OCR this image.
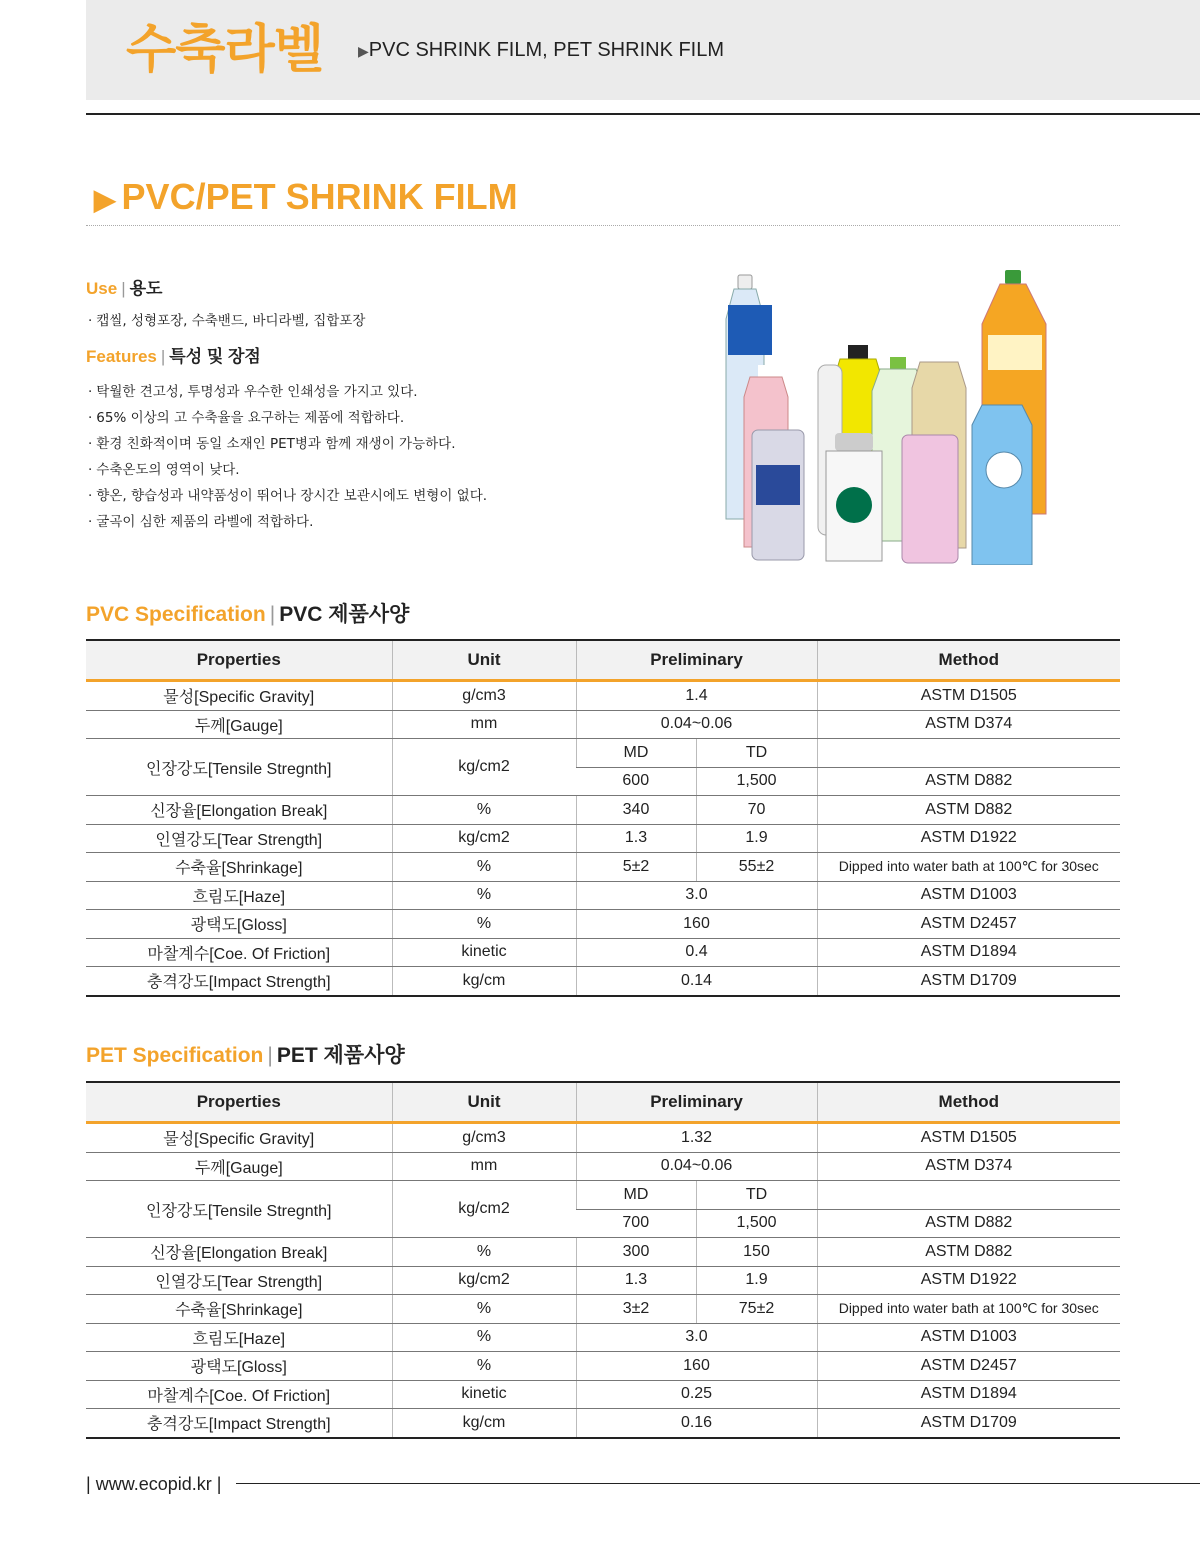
수축라벨	▶PVC SHRINK FILM, PET SHRINK FILM
▶ PVC/PET SHRINK FILM
Use | 용도
· 캡씰, 성형포장, 수축밴드, 바디라벨, 집합포장
Features | 특성 및 장점
· 탁월한 견고성, 투명성과 우수한 인쇄성을 가지고 있다.
· 65% 이상의 고 수축율을 요구하는 제품에 적합하다.
· 환경 친화적이며 동일 소재인 PET병과 함께 재생이 가능하다.
· 수축온도의 영역이 낮다.
· 향온, 향습성과 내약품성이 뛰어나 장시간 보관시에도 변형이 없다.
· 굴곡이 심한 제품의 라벨에 적합하다.
PVC Specification | PVC 제품사양
Properties	Unit	Preliminary		Method
물성[Specific Gravity]	g/cm3	1.4		ASTM D1505
두께[Gauge]	mm	0.04~0.06		ASTM D374
인장강도[Tensile Stregnth]	kg/cm2	MD	TD	
		600	1,500	ASTM D882
신장율[Elongation Break]	%	340	70	ASTM D882
인열강도[Tear Strength]	kg/cm2	1.3	1.9	ASTM D1922
수축율[Shrinkage]	%	5±2	55±2	Dipped into water bath at 100℃ for 30sec
흐림도[Haze]	%	3.0		ASTM D1003
광택도[Gloss]	%	160		ASTM D2457
마찰계수[Coe. Of Friction]	kinetic	0.4		ASTM D1894
충격강도[Impact Strength]	kg/cm	0.14		ASTM D1709
PET Specification | PET 제품사양
Properties	Unit	Preliminary		Method
물성[Specific Gravity]	g/cm3	1.32		ASTM D1505
두께[Gauge]	mm	0.04~0.06		ASTM D374
인장강도[Tensile Stregnth]	kg/cm2	MD	TD	
		700	1,500	ASTM D882
신장율[Elongation Break]	%	300	150	ASTM D882
인열강도[Tear Strength]	kg/cm2	1.3	1.9	ASTM D1922
수축율[Shrinkage]	%	3±2	75±2	Dipped into water bath at 100℃ for 30sec
흐림도[Haze]	%	3.0		ASTM D1003
광택도[Gloss]	%	160		ASTM D2457
마찰계수[Coe. Of Friction]	kinetic	0.25		ASTM D1894
충격강도[Impact Strength]	kg/cm	0.16		ASTM D1709
| www.ecopid.kr |
